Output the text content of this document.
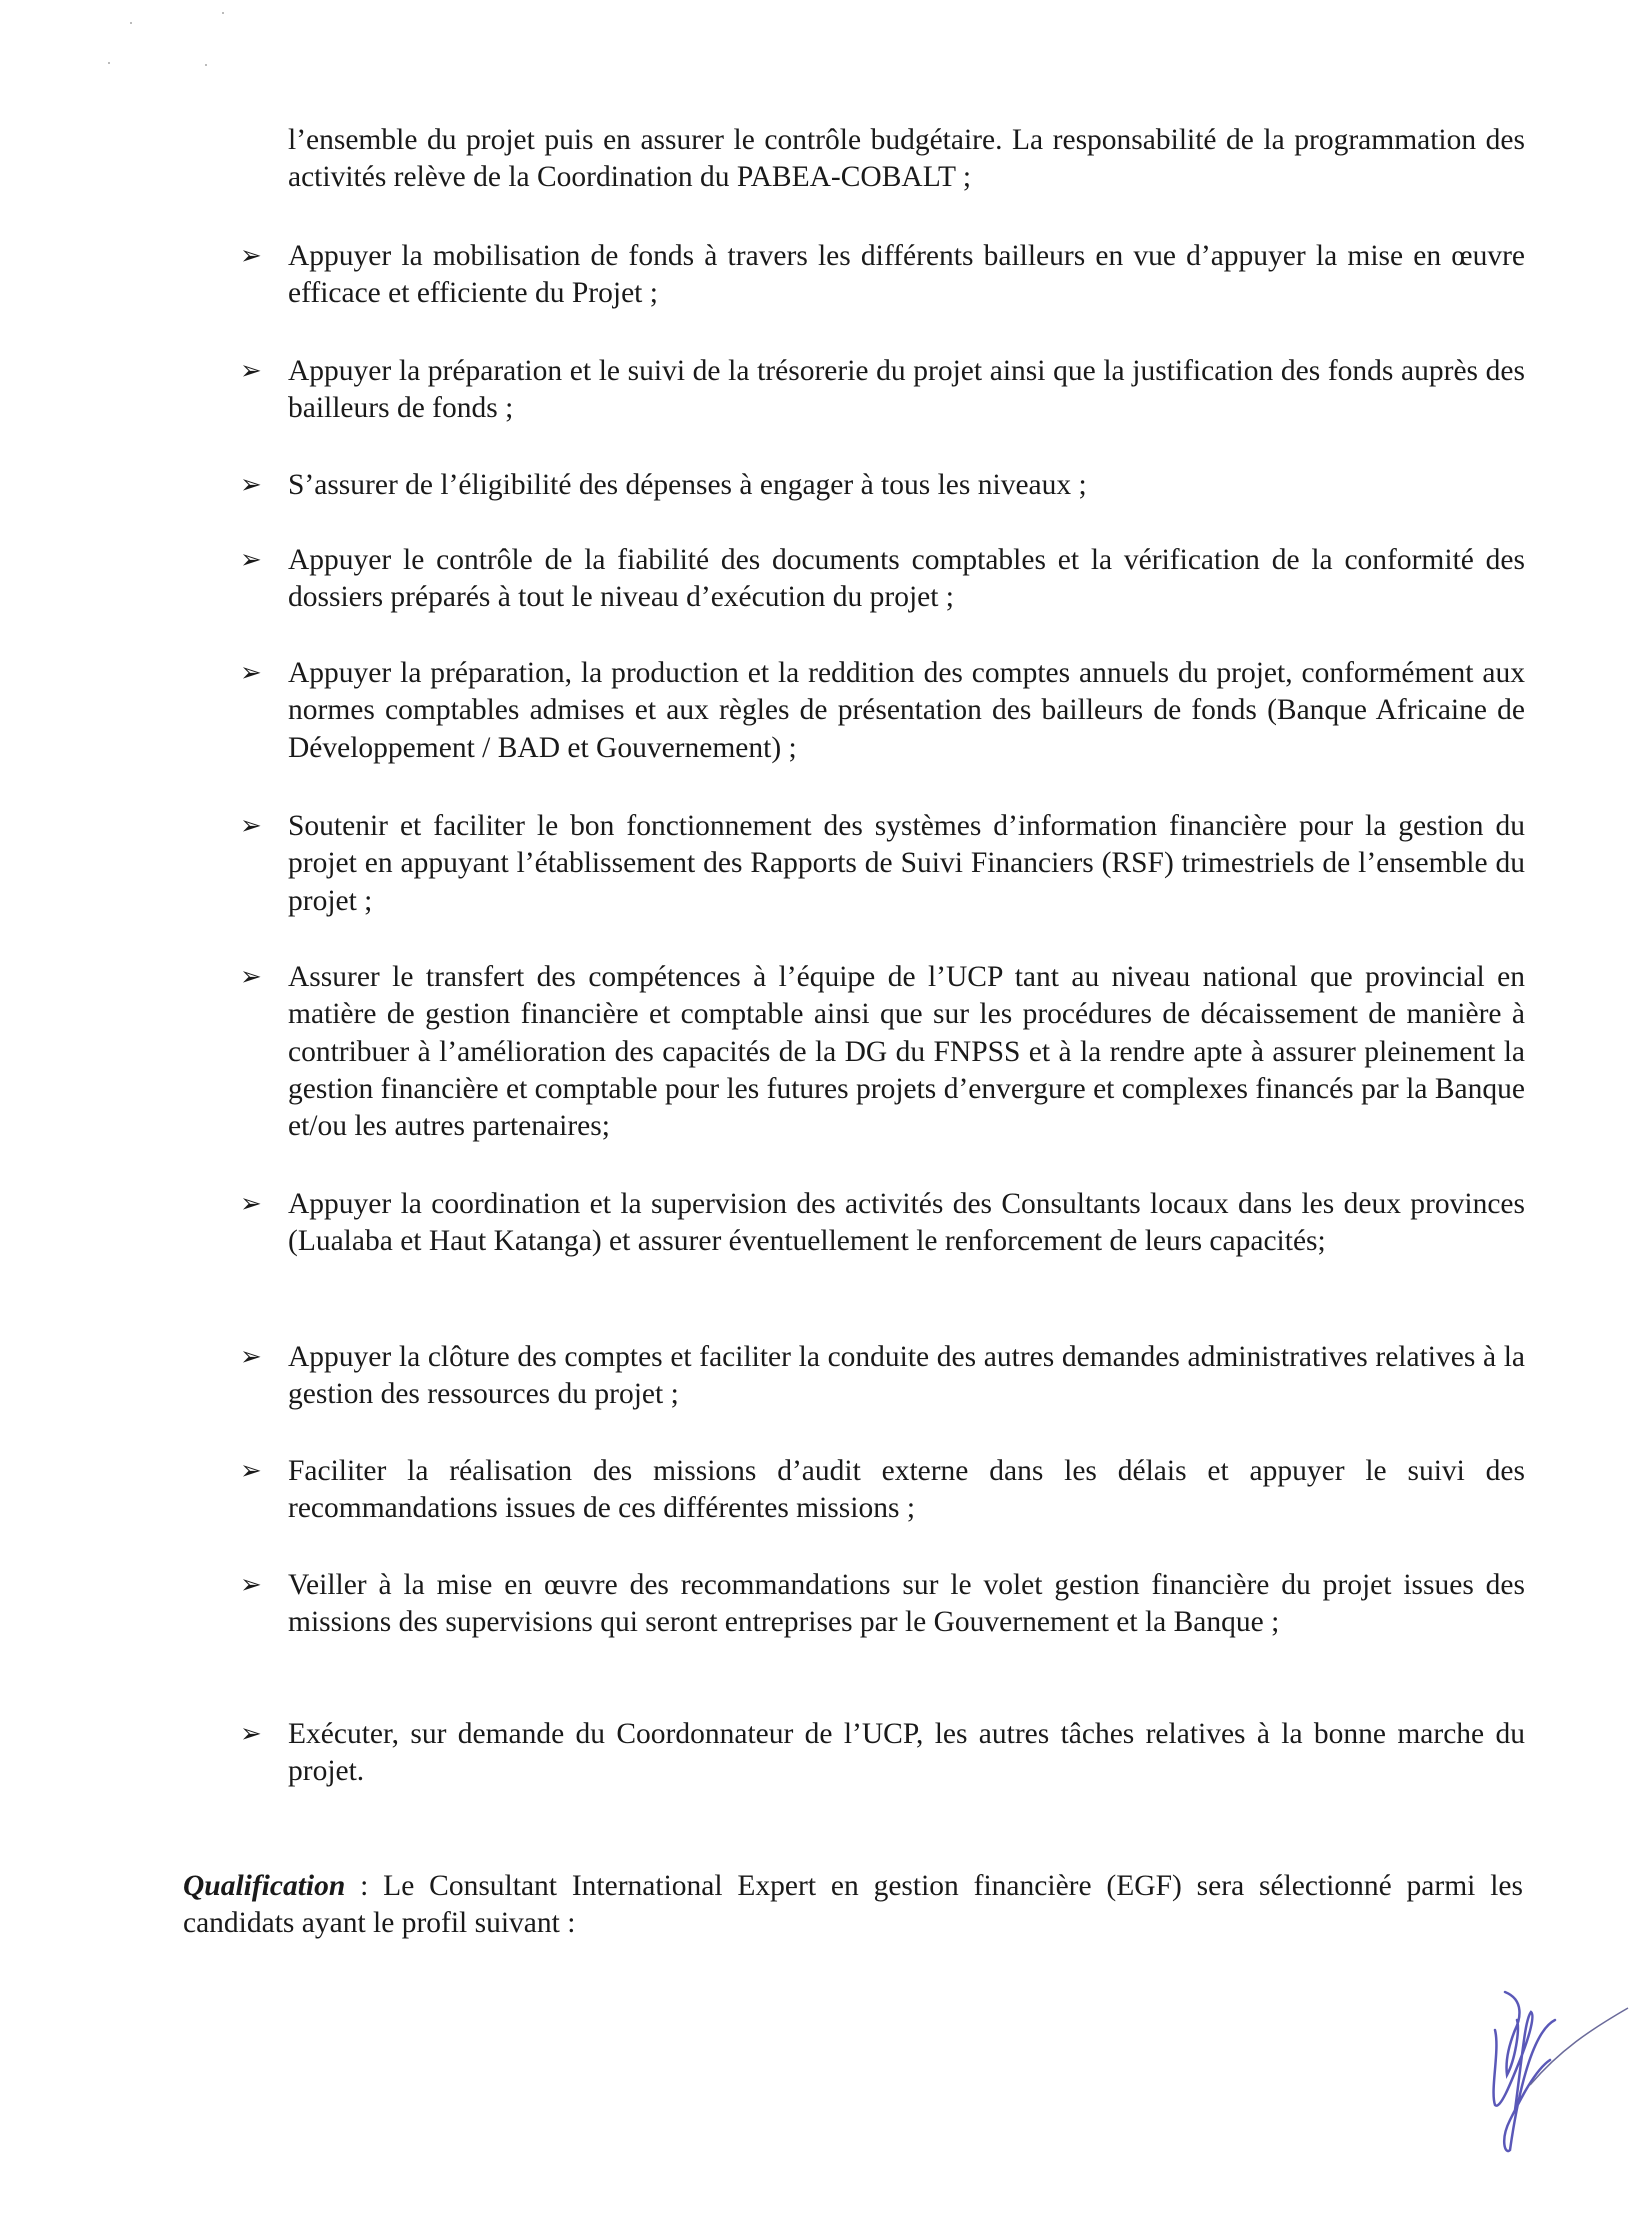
l’ensemble du projet puis en assurer le contrôle budgétaire. La responsabilité de la programmation des activités relève de la Coordination du PABEA-COBALT ;
➢ Appuyer la mobilisation de fonds à travers les différents bailleurs en vue d’appuyer la mise en œuvre efficace et efficiente du Projet ;
➢ Appuyer la préparation et le suivi de la trésorerie du projet ainsi que la justification des fonds auprès des bailleurs de fonds ;
➢ S’assurer de l’éligibilité des dépenses à engager à tous les niveaux ;
➢ Appuyer le contrôle de la fiabilité des documents comptables et la vérification de la conformité des dossiers préparés à tout le niveau d’exécution du projet ;
➢ Appuyer la préparation, la production et la reddition des comptes annuels du projet, conformément aux normes comptables admises et aux règles de présentation des bailleurs de fonds (Banque Africaine de Développement / BAD et Gouvernement) ;
➢ Soutenir et faciliter le bon fonctionnement des systèmes d’information financière pour la gestion du projet en appuyant l’établissement des Rapports de Suivi Financiers (RSF) trimestriels de l’ensemble du projet ;
➢ Assurer le transfert des compétences à l’équipe de l’UCP tant au niveau national que provincial en matière de gestion financière et comptable ainsi que sur les procédures de décaissement de manière à contribuer à l’amélioration des capacités de la DG du FNPSS et à la rendre apte à assurer pleinement la gestion financière et comptable pour les futures projets d’envergure et complexes financés par la Banque et/ou les autres partenaires;
➢ Appuyer la coordination et la supervision des activités des Consultants locaux dans les deux provinces (Lualaba et Haut Katanga) et assurer éventuellement le renforcement de leurs capacités;
➢ Appuyer la clôture des comptes et faciliter la conduite des autres demandes administratives relatives à la gestion des ressources du projet ;
➢ Faciliter la réalisation des missions d’audit externe dans les délais et appuyer le suivi des recommandations issues de ces différentes missions ;
➢ Veiller à la mise en œuvre des recommandations sur le volet gestion financière du projet issues des missions des supervisions qui seront entreprises par le Gouvernement et la Banque ;
➢ Exécuter, sur demande du Coordonnateur de l’UCP, les autres tâches relatives à la bonne marche du projet.
Qualification : Le Consultant International Expert en gestion financière (EGF) sera sélectionné parmi les candidats ayant le profil suivant :
